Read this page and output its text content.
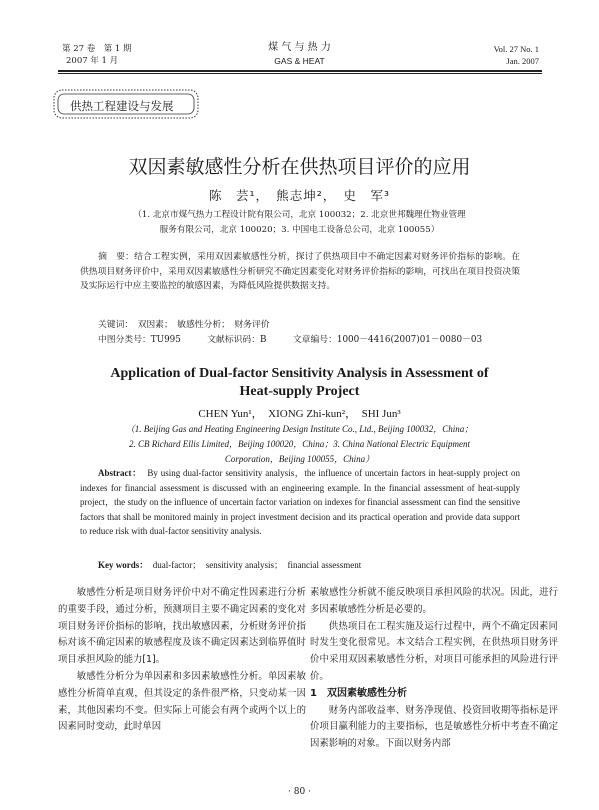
第 27 卷　第 1 期
2007 年 1 月
煤 气 与 热 力
GAS & HEAT
Vol. 27 No. 1
Jan. 2007
供热工程建设与发展
双因素敏感性分析在供热项目评价的应用
陈　芸¹，　熊志坤²，　史　军³
（1. 北京市煤气热力工程设计院有限公司，北京 100032；2. 北京世邦魏理仕物业管理
服务有限公司，北京 100020；3. 中国电工设备总公司，北京 100055）
摘　要：结合工程实例，采用双因素敏感性分析，探讨了供热项目中不确定因素对财务评价指标的影响。在供热项目财务评价中，采用双因素敏感性分析研究不确定因素变化对财务评价指标的影响，可找出在项目投资决策及实际运行中应主要监控的敏感因素，为降低风险提供数据支持。
关键词：　双因素；　敏感性分析；　财务评价
中图分类号：TU995　　　文献标识码：B　　　文章编号：1000－4416(2007)01－0080－03
Application of Dual-factor Sensitivity Analysis in Assessment of
Heat-supply Project
CHEN Yun¹，　XIONG Zhi-kun²，　SHI Jun³
（1. Beijing Gas and Heating Engineering Design Institute Co., Ltd., Beijing 100032，China；
2. CB Richard Ellis Limited，Beijing 100020，China；3. China National Electric Equipment
Corporation，Beijing 100055，China）
Abstract： By using dual-factor sensitivity analysis，the influence of uncertain factors in heat-supply project on indexes for financial assessment is discussed with an engineering example. In the financial assessment of heat-supply project，the study on the influence of uncertain factor variation on indexes for financial assessment can find the sensitive factors that shall be monitored mainly in project investment decision and its practical operation and provide data support to reduce risk with dual-factor sensitivity analysis.
Key words： dual-factor；　sensitivity analysis；　financial assessment
敏感性分析是项目财务评价中对不确定性因素进行分析的重要手段，通过分析，预测项目主要不确定因素的变化对项目财务评价指标的影响，找出敏感因素，分析财务评价指标对该不确定因素的敏感程度及该不确定因素达到临界值时项目承担风险的能力[1]。
敏感性分析分为单因素和多因素敏感性分析。单因素敏感性分析简单直观，但其设定的条件很严格，只变动某一因素，其他因素均不变。但实际上可能会有两个或两个以上的因素同时变动，此时单因
素敏感性分析就不能反映项目承担风险的状况。因此，进行多因素敏感性分析是必要的。
供热项目在工程实施及运行过程中，两个不确定因素同时发生变化很常见。本文结合工程实例，在供热项目财务评价中采用双因素敏感性分析，对项目可能承担的风险进行评价。
1　双因素敏感性分析
财务内部收益率、财务净现值、投资回收期等指标是评价项目赢利能力的主要指标，也是敏感性分析中考查不确定因素影响的对象。下面以财务内部
· 80 ·
